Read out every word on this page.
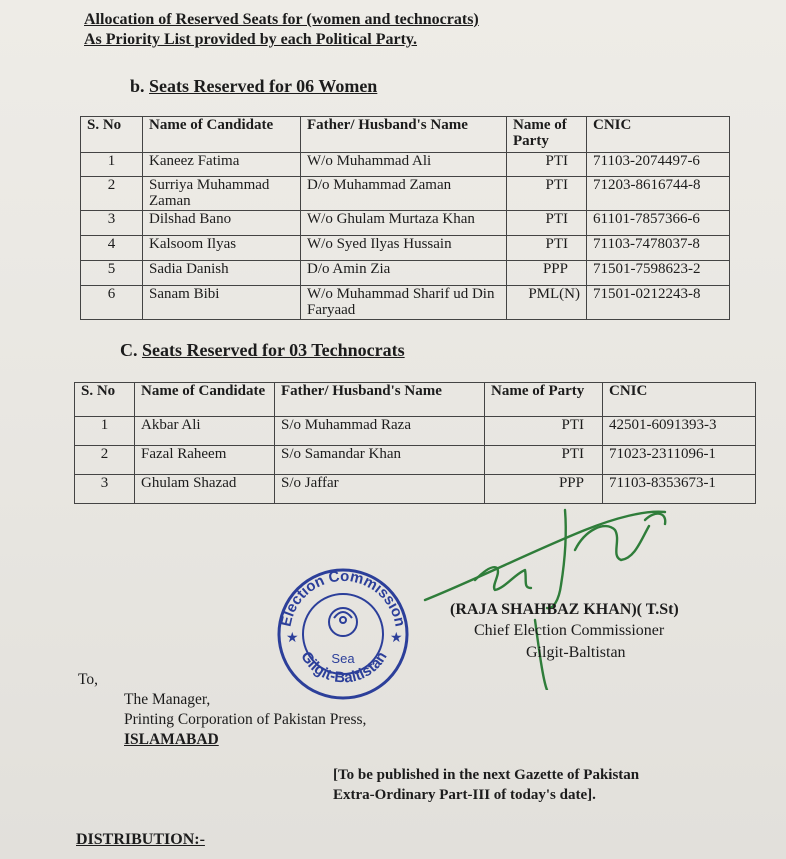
Allocation of Reserved Seats for (women and technocrats)
As Priority List provided by each Political Party.
b. Seats Reserved for 06 Women
S. No	Name of Candidate	Father/ Husband's Name	Name of Party	CNIC
1	Kaneez Fatima	W/o Muhammad Ali	PTI	71103-2074497-6
2	Surriya Muhammad Zaman	D/o Muhammad Zaman	PTI	71203-8616744-8
3	Dilshad Bano	W/o Ghulam Murtaza Khan	PTI	61101-7857366-6
4	Kalsoom Ilyas	W/o Syed Ilyas Hussain	PTI	71103-7478037-8
5	Sadia Danish	D/o Amin Zia	PPP	71501-7598623-2
6	Sanam Bibi	W/o Muhammad Sharif ud Din Faryaad	PML(N)	71501-0212243-8
C. Seats Reserved for 03 Technocrats
S. No	Name of Candidate	Father/ Husband's Name	Name of Party	CNIC
1	Akbar Ali	S/o Muhammad Raza	PTI	42501-6091393-3
2	Fazal Raheem	S/o Samandar Khan	PTI	71023-2311096-1
3	Ghulam Shazad	S/o Jaffar	PPP	71103-8353673-1
Election Commission
Gilgit-Baltistan
Sea
★	★
(RAJA SHAHBAZ KHAN)( T.St)
Chief Election Commissioner
Gilgit-Baltistan
To,
The Manager,
Printing Corporation of Pakistan Press,
ISLAMABAD
[To be published in the next Gazette of Pakistan
Extra-Ordinary Part-III of today's date].
DISTRIBUTION:-
